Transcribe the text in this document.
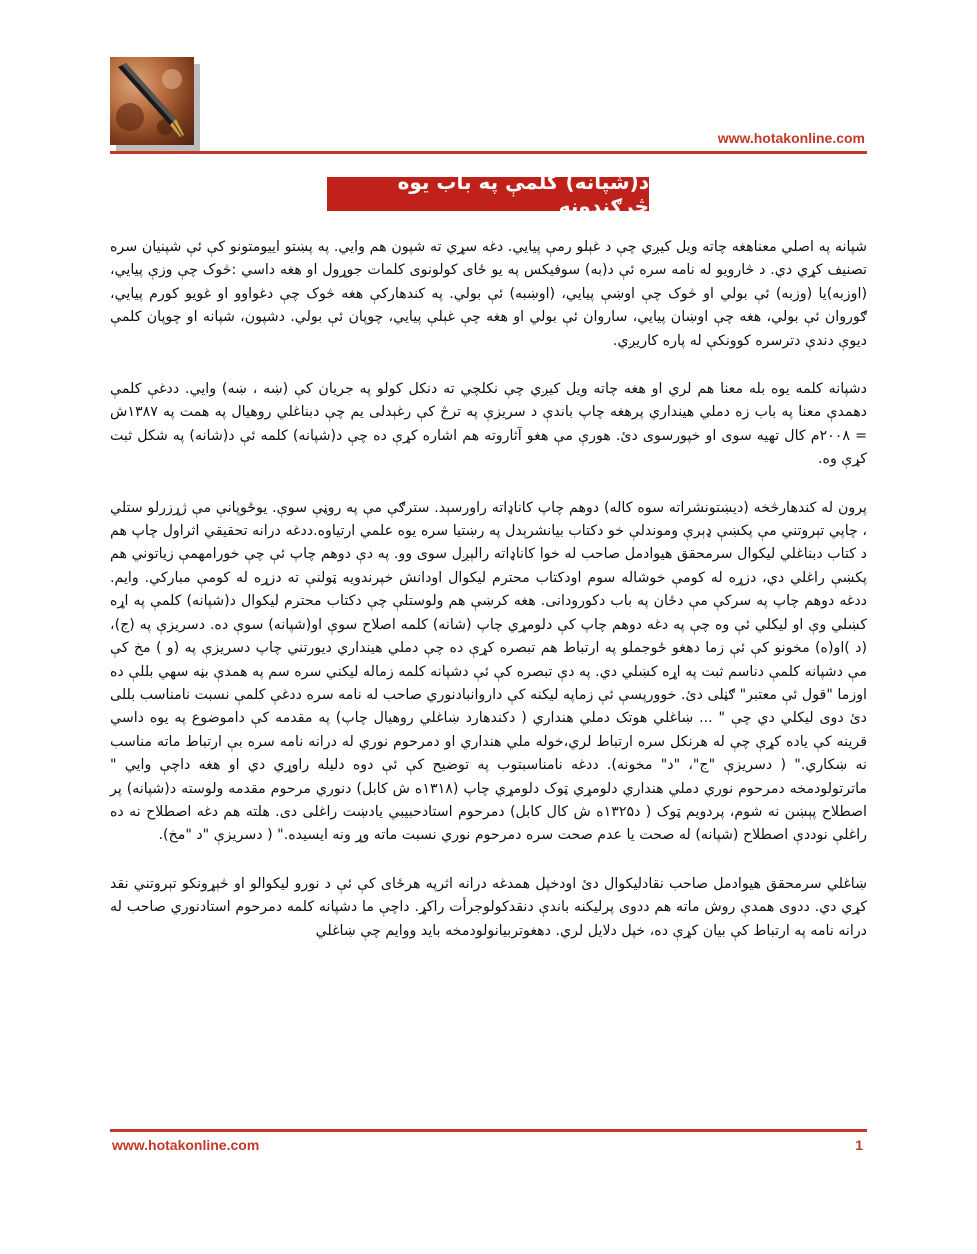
www.hotakonline.com
د(شپانه) کلمې په باب يوه څرګندونه

شپانه په اصلي معناهغه چاته ويل کيږي چې د غېلو رمې پيايي. دغه سړي ته شپون هم وايي. په پښتو اييومتونو کې ئې شپنيان سره تصنيف کړي دي. د څارويو له نامه سره ئې د(به) سوفيکس په يو ځای کولونوی کلمات جوړول او هغه داسي :څوک چې وزې پيايي، (اوزبه)يا (وزبه) ئې بولي او څوک چې اوښې پيايي، (اوښبه) ئې بولي. په کندهارکې هغه څوک چې دغواوو او غويو کورم پيايي، ګوروان ئې بولي، هغه چې اوښان پيايي، ساروان ئې بولي او هغه چې غېلې پيايي، چوپان ئې بولي. دشپون، شپانه او چوپان کلمې ديوې دندې دترسره کوونکې له پاره کاريږي.

دشپانه کلمه يوه بله معنا هم لري او هغه چاته ويل کيږي چې نکلچي ته دنکل کولو په جريان کې (ښه ، ښه) وايي. ددغې کلمې دهمدې معنا په باب زه دملي هينداري پرهغه چاپ باندې د سريزې په ترڅ کې رغېدلی يم چې دبناغلي روهيال په همت په ۱۳۸۷ش = ۲۰۰۸م کال تهيه سوی او خپورسوی دئ. هورې مې هغو آثاروته هم اشاره کړې ده چې د(شپانه) کلمه ئې د(شانه) په شکل ثبت کړې وه.

پرون له کندهارڅخه (ديښتونشراته سوه کاله) دوهم چاپ کاناډاته راورسېد. سترګې مې په روڼې سوې. يوځوپانې مې ژړزرلو ستلي ، چاپي تېروتني مې پکښې ډېرې وموندلې خو دکتاب بيانشرېدل په رښتيا سره يوه علمي ارتياوه.ددغه درانه تحقيقي اثراول چاپ هم د کتاب دبناغلي ليکوال سرمحقق هيوادمل صاحب له خوا کاناډاته رالېږل سوی وو. په دې دوهم چاپ ئې چې خورامهمې زياتوني هم پکښې راغلي دي، دزړه له کومې خوشاله سوم اودکتاب محترم ليکوال اودانش خپرندويه ټولنې ته دزړه له کومې مبارکي. وايم. ددغه دوهم چاپ په سرکې مې دځان په باب دکورودانی. هغه کرښې هم ولوستلې چې دکتاب محترم ليکوال د(شپانه) کلمې په اړه کښلي وې او ليکلي ئې وه چې په دغه دوهم چاپ کې دلومړي چاپ (شانه) کلمه اصلاح سوې او(شپانه) سوې ده. دسريزې په (ج)،(د )او(ه) مخونو کې ئې زما دهغو ځوجملو په ارتباط هم تبصره کړې ده چې دملي هينداري ديورتني چاپ دسريزې په (و ) مخ کې مې دشپانه کلمې دناسم ثبت په اړه کښلي دي. په دې تبصره کې ئې دشپانه کلمه زماله ليکني سره سم په همدې بڼه سهي بللې ده اوزما "قول ئې معتبر" ګڼلی دئ. خوورپسې ئې زماپه ليکنه کې داروانبادنوري صاحب له نامه سره ددغې کلمې نسبت نامناسب بللی دئ دوی ليکلي دي چې " ... ښاغلي هوتک دملي هنداري ( دکندهارد ښاغلي روهيال چاپ) په مقدمه کې داموضوع په يوه داسي قرينه کې ياده کړې چې له هرنکل سره ارتباط لري،خوله ملي هنداري او دمرحوم نوري له درانه نامه سره بې ارتباط ماته مناسب نه ښکاري." ( دسريزې "ج"، "د" مخونه). ددغه نامناسبتوب په توضيح کې ئې دوه دليله راوړي دي او هغه داچې وايي " ماترتولودمخه دمرحوم نوري دملي هنداري دلومړي ټوک دلومړي چاپ (۱۳۱۸ه ش کابل) دنوري مرحوم مقدمه ولوسته د(شپانه) پر اصطلاح پېښن نه شوم، پردويم ټوک ( د۱۳۲۵ه ش کال کابل) دمرحوم استادحبيبي يادښت راغلی دی. هلته هم دغه اصطلاح نه ده راغلې نوددې اصطلاح (شپانه) له صحت يا عدم صحت سره دمرحوم نوري نسبت ماته وړ ونه ايسيده." ( دسريزې "د "مخ).

ښاغلي سرمحقق هيوادمل صاحب نقادليکوال دئ اودخپل همدغه درانه اثرپه هرځای کې ئې د نورو ليکوالو او څېړونکو تېروتني نقد کړي دي. ددوی همدې روش ماته هم ددوی پرليکنه باندې دنقدکولوجرأت راکړ. داچې ما دشپانه کلمه دمرحوم استادنوري صاحب له درانه نامه په ارتباط کې بيان کړې ده، خپل دلايل لري. دهغوتربيانولودمخه بايد ووايم چې ښاغلي

www.hotakonline.com	1
